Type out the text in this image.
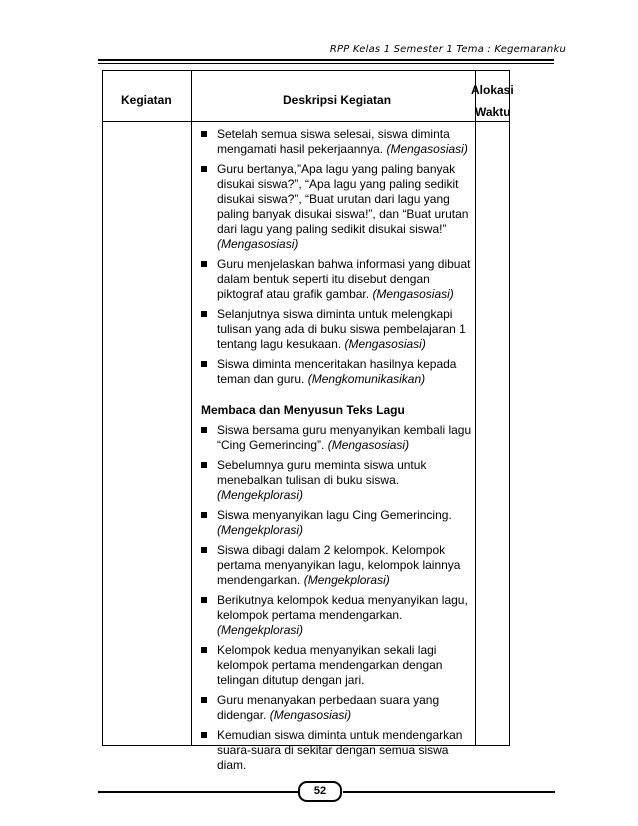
RPP Kelas 1 Semester 1 Tema : Kegemaranku
Kegiatan	Deskripsi Kegiatan
Alokasi
Waktu
Setelah semua siswa selesai, siswa diminta mengamati hasil pekerjaannya. (Mengasosiasi)
Guru bertanya,”Apa lagu yang paling banyak disukai siswa?”, “Apa lagu yang paling sedikit disukai siswa?”, “Buat urutan dari lagu yang paling banyak disukai siswa!”, dan “Buat urutan dari lagu yang paling sedikit disukai siswa!” (Mengasosiasi)
Guru menjelaskan bahwa informasi yang dibuat dalam bentuk seperti itu disebut dengan piktograf atau grafik gambar. (Mengasosiasi)
Selanjutnya siswa diminta untuk melengkapi tulisan yang ada di buku siswa pembelajaran 1 tentang lagu kesukaan. (Mengasosiasi)
Siswa diminta menceritakan hasilnya kepada teman dan guru. (Mengkomunikasikan)
Membaca dan Menyusun Teks Lagu
Siswa bersama guru menyanyikan kembali lagu “Cing Gemerincing”. (Mengasosiasi)
Sebelumnya guru meminta siswa untuk menebalkan tulisan di buku siswa. (Mengekplorasi)
Siswa menyanyikan lagu Cing Gemerincing. (Mengekplorasi)
Siswa dibagi dalam 2 kelompok. Kelompok pertama menyanyikan lagu, kelompok lainnya mendengarkan. (Mengekplorasi)
Berikutnya kelompok kedua menyanyikan lagu, kelompok pertama mendengarkan. (Mengekplorasi)
Kelompok kedua menyanyikan sekali lagi kelompok pertama mendengarkan dengan telingan ditutup dengan jari.
Guru menanyakan perbedaan suara yang didengar. (Mengasosiasi)
Kemudian siswa diminta untuk mendengarkan suara-suara di sekitar dengan semua siswa diam.
52
